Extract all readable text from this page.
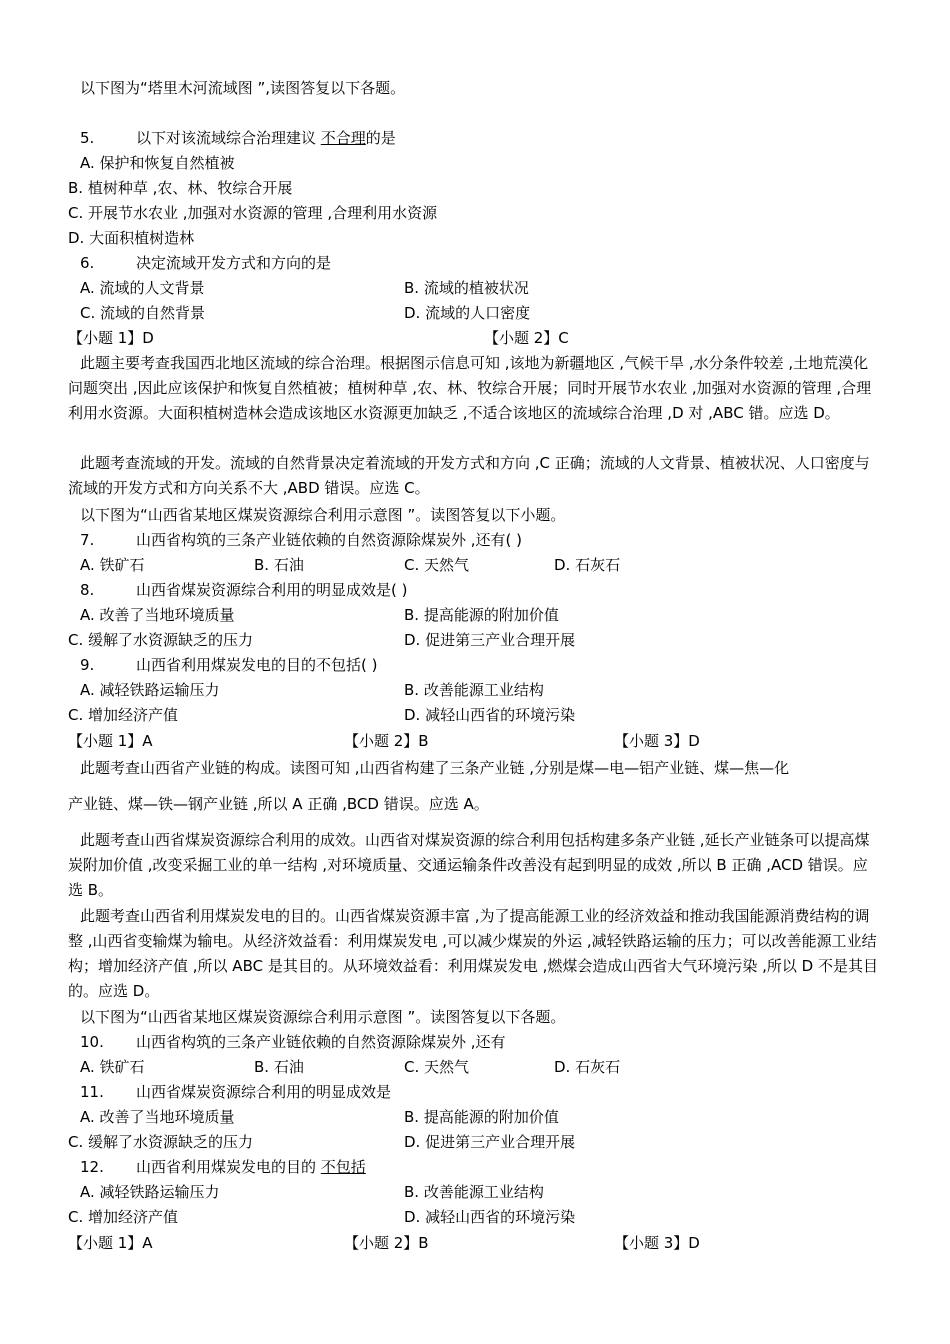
以下图为“塔里木河流域图 ”,读图答复以下各题。
5.	以下对该流域综合治理建议 不合理的是
A. 保护和恢复自然植被
B. 植树种草 ,农、林、牧综合开展
C. 开展节水农业 ,加强对水资源的管理 ,合理利用水资源
D. 大面积植树造林
6.	决定流域开发方式和方向的是
A. 流域的人文背景	B. 流域的植被状况
C. 流域的自然背景	D. 流域的人口密度
【小题 1】D	【小题 2】C
此题主要考查我国西北地区流域的综合治理。根据图示信息可知 ,该地为新疆地区 ,气候干旱 ,水分条件较差 ,土地荒漠化问题突出 ,因此应该保护和恢复自然植被；植树种草 ,农、林、牧综合开展；同时开展节水农业 ,加强对水资源的管理 ,合理利用水资源。大面积植树造林会造成该地区水资源更加缺乏 ,不适合该地区的流域综合治理 ,D 对 ,ABC 错。应选 D。
此题考查流域的开发。流域的自然背景决定着流域的开发方式和方向 ,C 正确；流域的人文背景、植被状况、人口密度与流域的开发方式和方向关系不大 ,ABD 错误。应选 C。
以下图为“山西省某地区煤炭资源综合利用示意图 ”。读图答复以下小题。
7.	山西省构筑的三条产业链依赖的自然资源除煤炭外 ,还有( )
A. 铁矿石	B. 石油	C. 天然气	D. 石灰石
8.	山西省煤炭资源综合利用的明显成效是( )
A. 改善了当地环境质量	B. 提高能源的附加价值
C. 缓解了水资源缺乏的压力	D. 促进第三产业合理开展
9.	山西省利用煤炭发电的目的不包括( )
A. 减轻铁路运输压力	B. 改善能源工业结构
C. 增加经济产值	D. 减轻山西省的环境污染
【小题 1】A	【小题 2】B	【小题 3】D
此题考查山西省产业链的构成。读图可知 ,山西省构建了三条产业链 ,分别是煤—电—铝产业链、煤—焦—化
产业链、煤—铁—钢产业链 ,所以 A 正确 ,BCD 错误。应选 A。
此题考查山西省煤炭资源综合利用的成效。山西省对煤炭资源的综合利用包括构建多条产业链 ,延长产业链条可以提高煤炭附加价值 ,改变采掘工业的单一结构 ,对环境质量、交通运输条件改善没有起到明显的成效 ,所以 B 正确 ,ACD 错误。应选 B。
此题考查山西省利用煤炭发电的目的。山西省煤炭资源丰富 ,为了提高能源工业的经济效益和推动我国能源消费结构的调整 ,山西省变输煤为输电。从经济效益看：利用煤炭发电 ,可以减少煤炭的外运 ,减轻铁路运输的压力；可以改善能源工业结构；增加经济产值 ,所以 ABC 是其目的。从环境效益看：利用煤炭发电 ,燃煤会造成山西省大气环境污染 ,所以 D 不是其目的。应选 D。
以下图为“山西省某地区煤炭资源综合利用示意图 ”。读图答复以下各题。
10. 山西省构筑的三条产业链依赖的自然资源除煤炭外 ,还有
A. 铁矿石	B. 石油	C. 天然气	D. 石灰石
11. 山西省煤炭资源综合利用的明显成效是
A. 改善了当地环境质量	B. 提高能源的附加价值
C. 缓解了水资源缺乏的压力	D. 促进第三产业合理开展
12. 山西省利用煤炭发电的目的 不包括
A. 减轻铁路运输压力	B. 改善能源工业结构
C. 增加经济产值	D. 减轻山西省的环境污染
【小题 1】A	【小题 2】B	【小题 3】D
